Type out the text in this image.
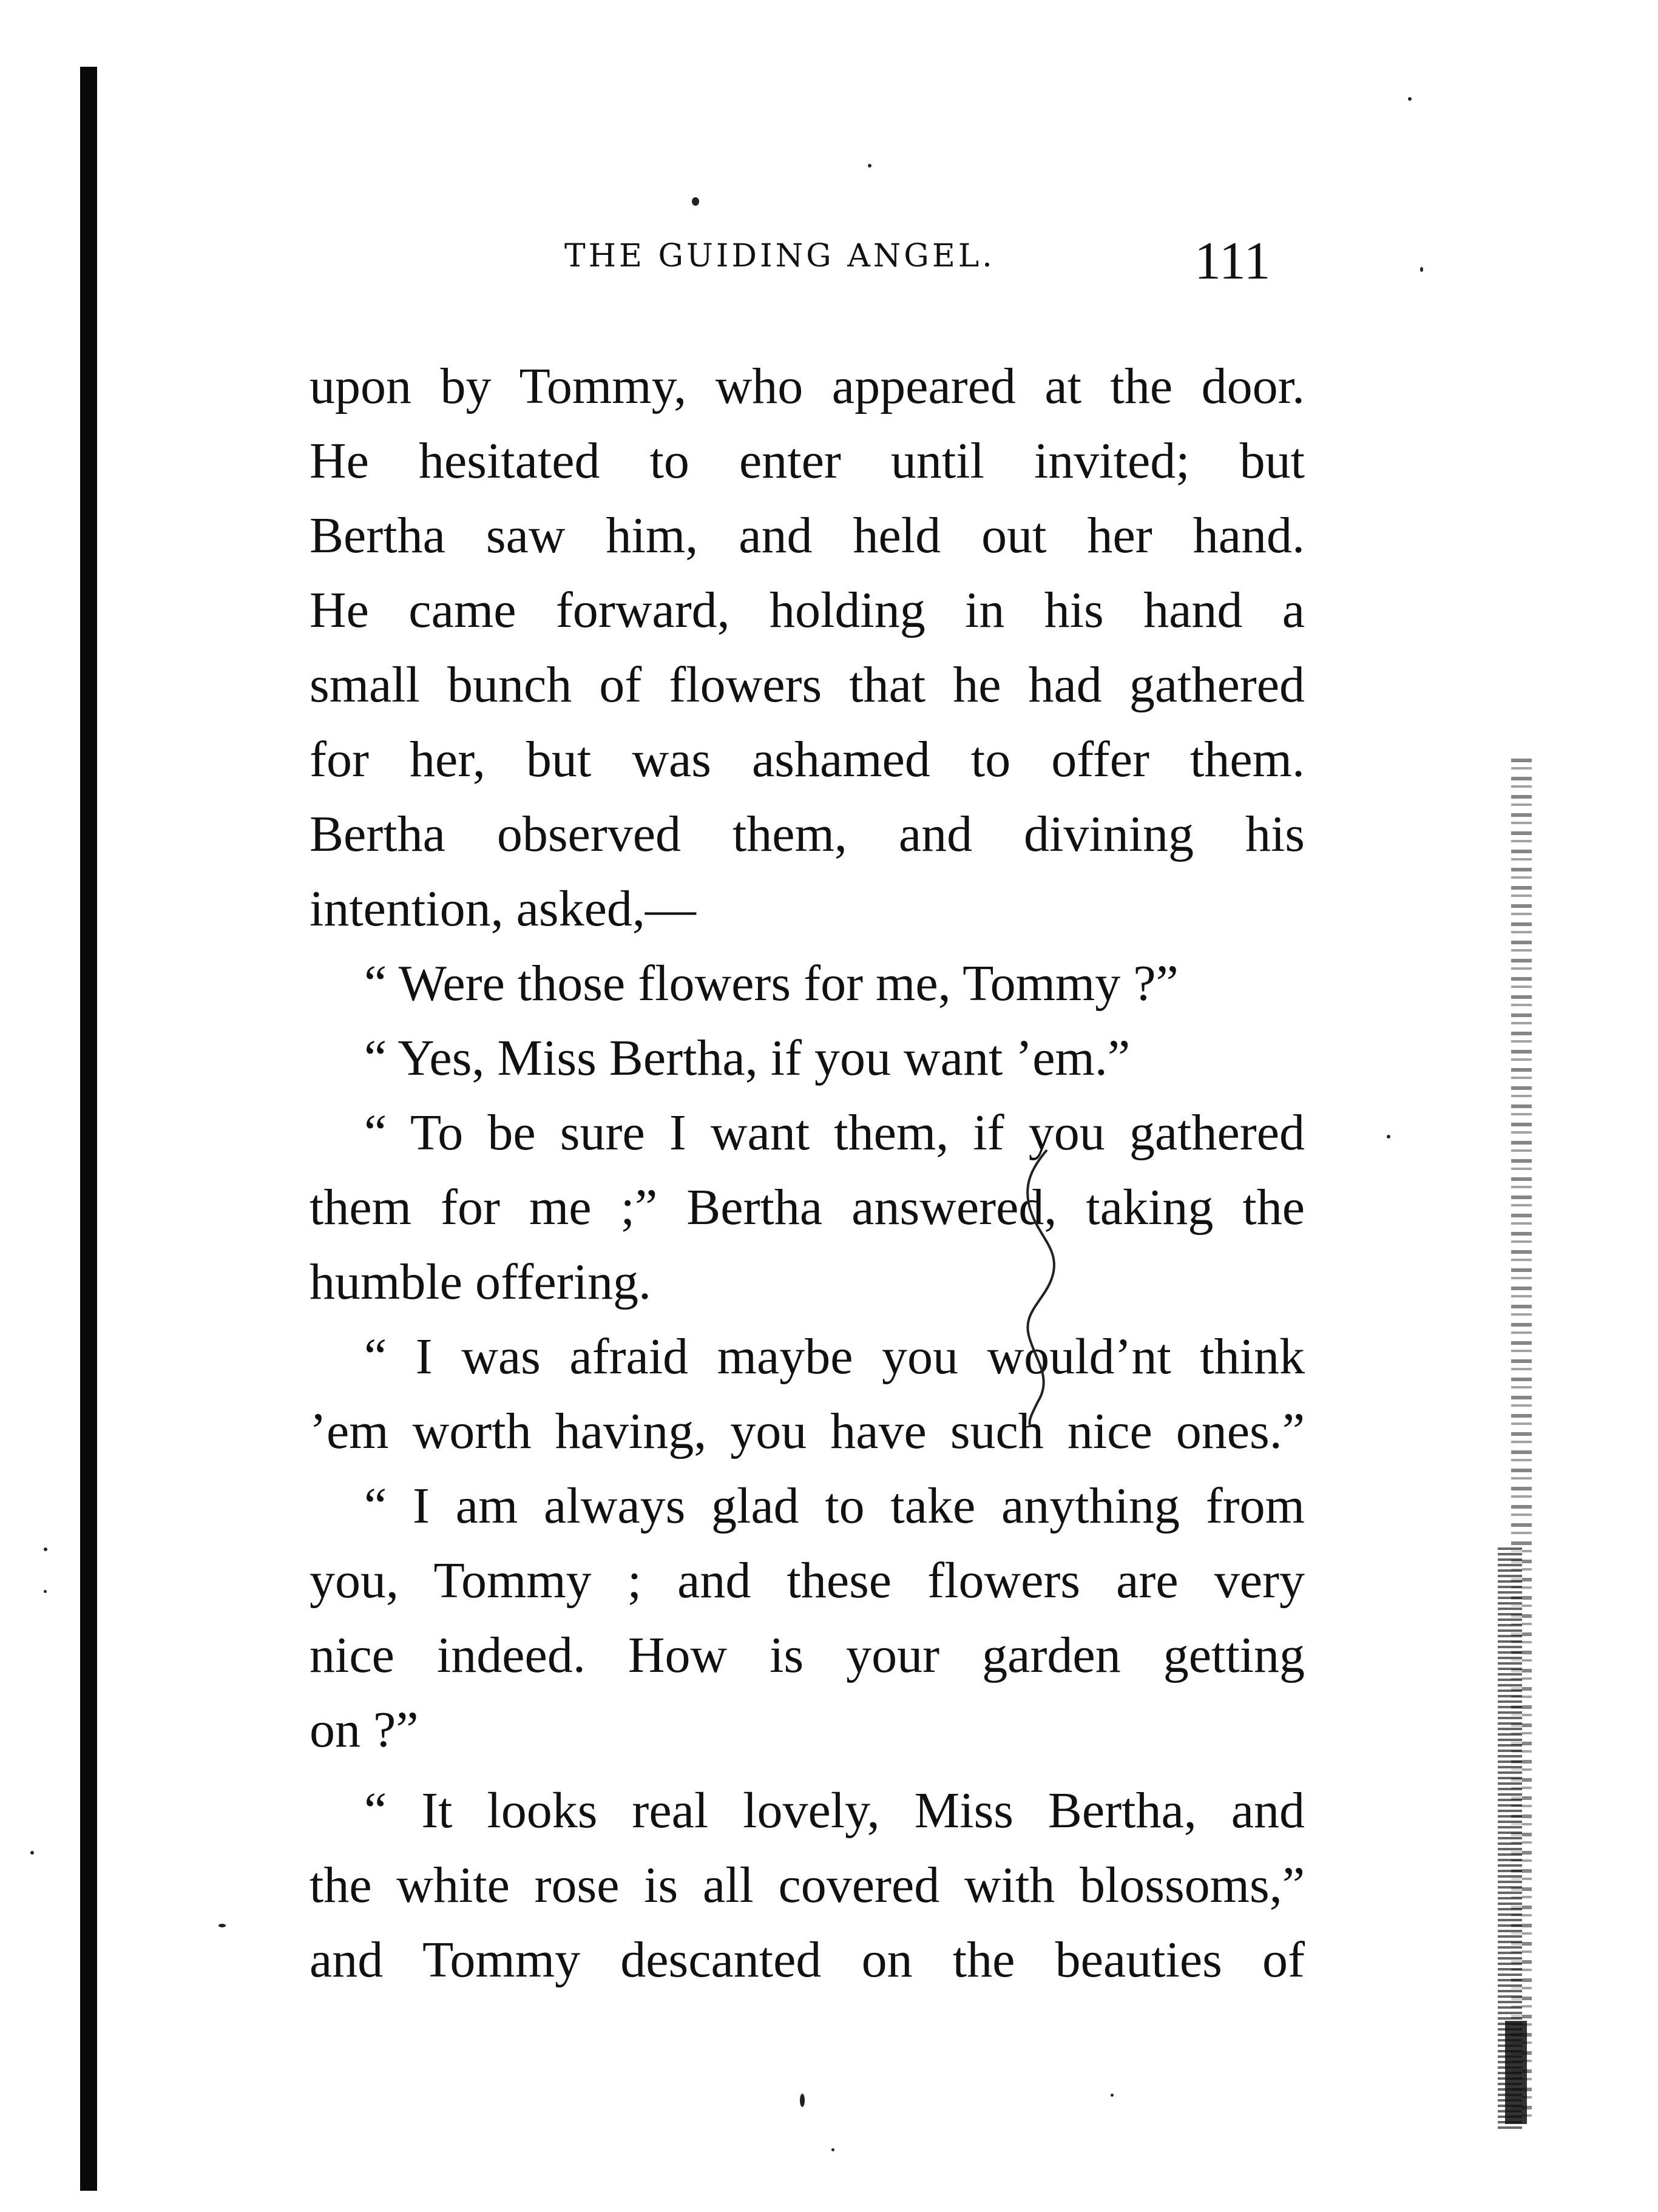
THE GUIDING ANGEL.	111
upon by Tommy, who appeared at the door.
He hesitated to enter until invited; but
Bertha saw him, and held out her hand.
He came forward, holding in his hand a
small bunch of flowers that he had gathered
for her, but was ashamed to offer them.
Bertha observed them, and divining his
intention, asked,—
“ Were those flowers for me, Tommy ?”
“ Yes, Miss Bertha, if you want ’em.”
“ To be sure I want them, if you gathered
them for me ;” Bertha answered, taking the
humble offering.
“ I was afraid maybe you would’nt think
’em worth having, you have such nice ones.”
“ I am always glad to take anything from
you, Tommy ; and these flowers are very
nice indeed. How is your garden getting
on ?”
“ It looks real lovely, Miss Bertha, and
the white rose is all covered with blossoms,”
and Tommy descanted on the beauties of
